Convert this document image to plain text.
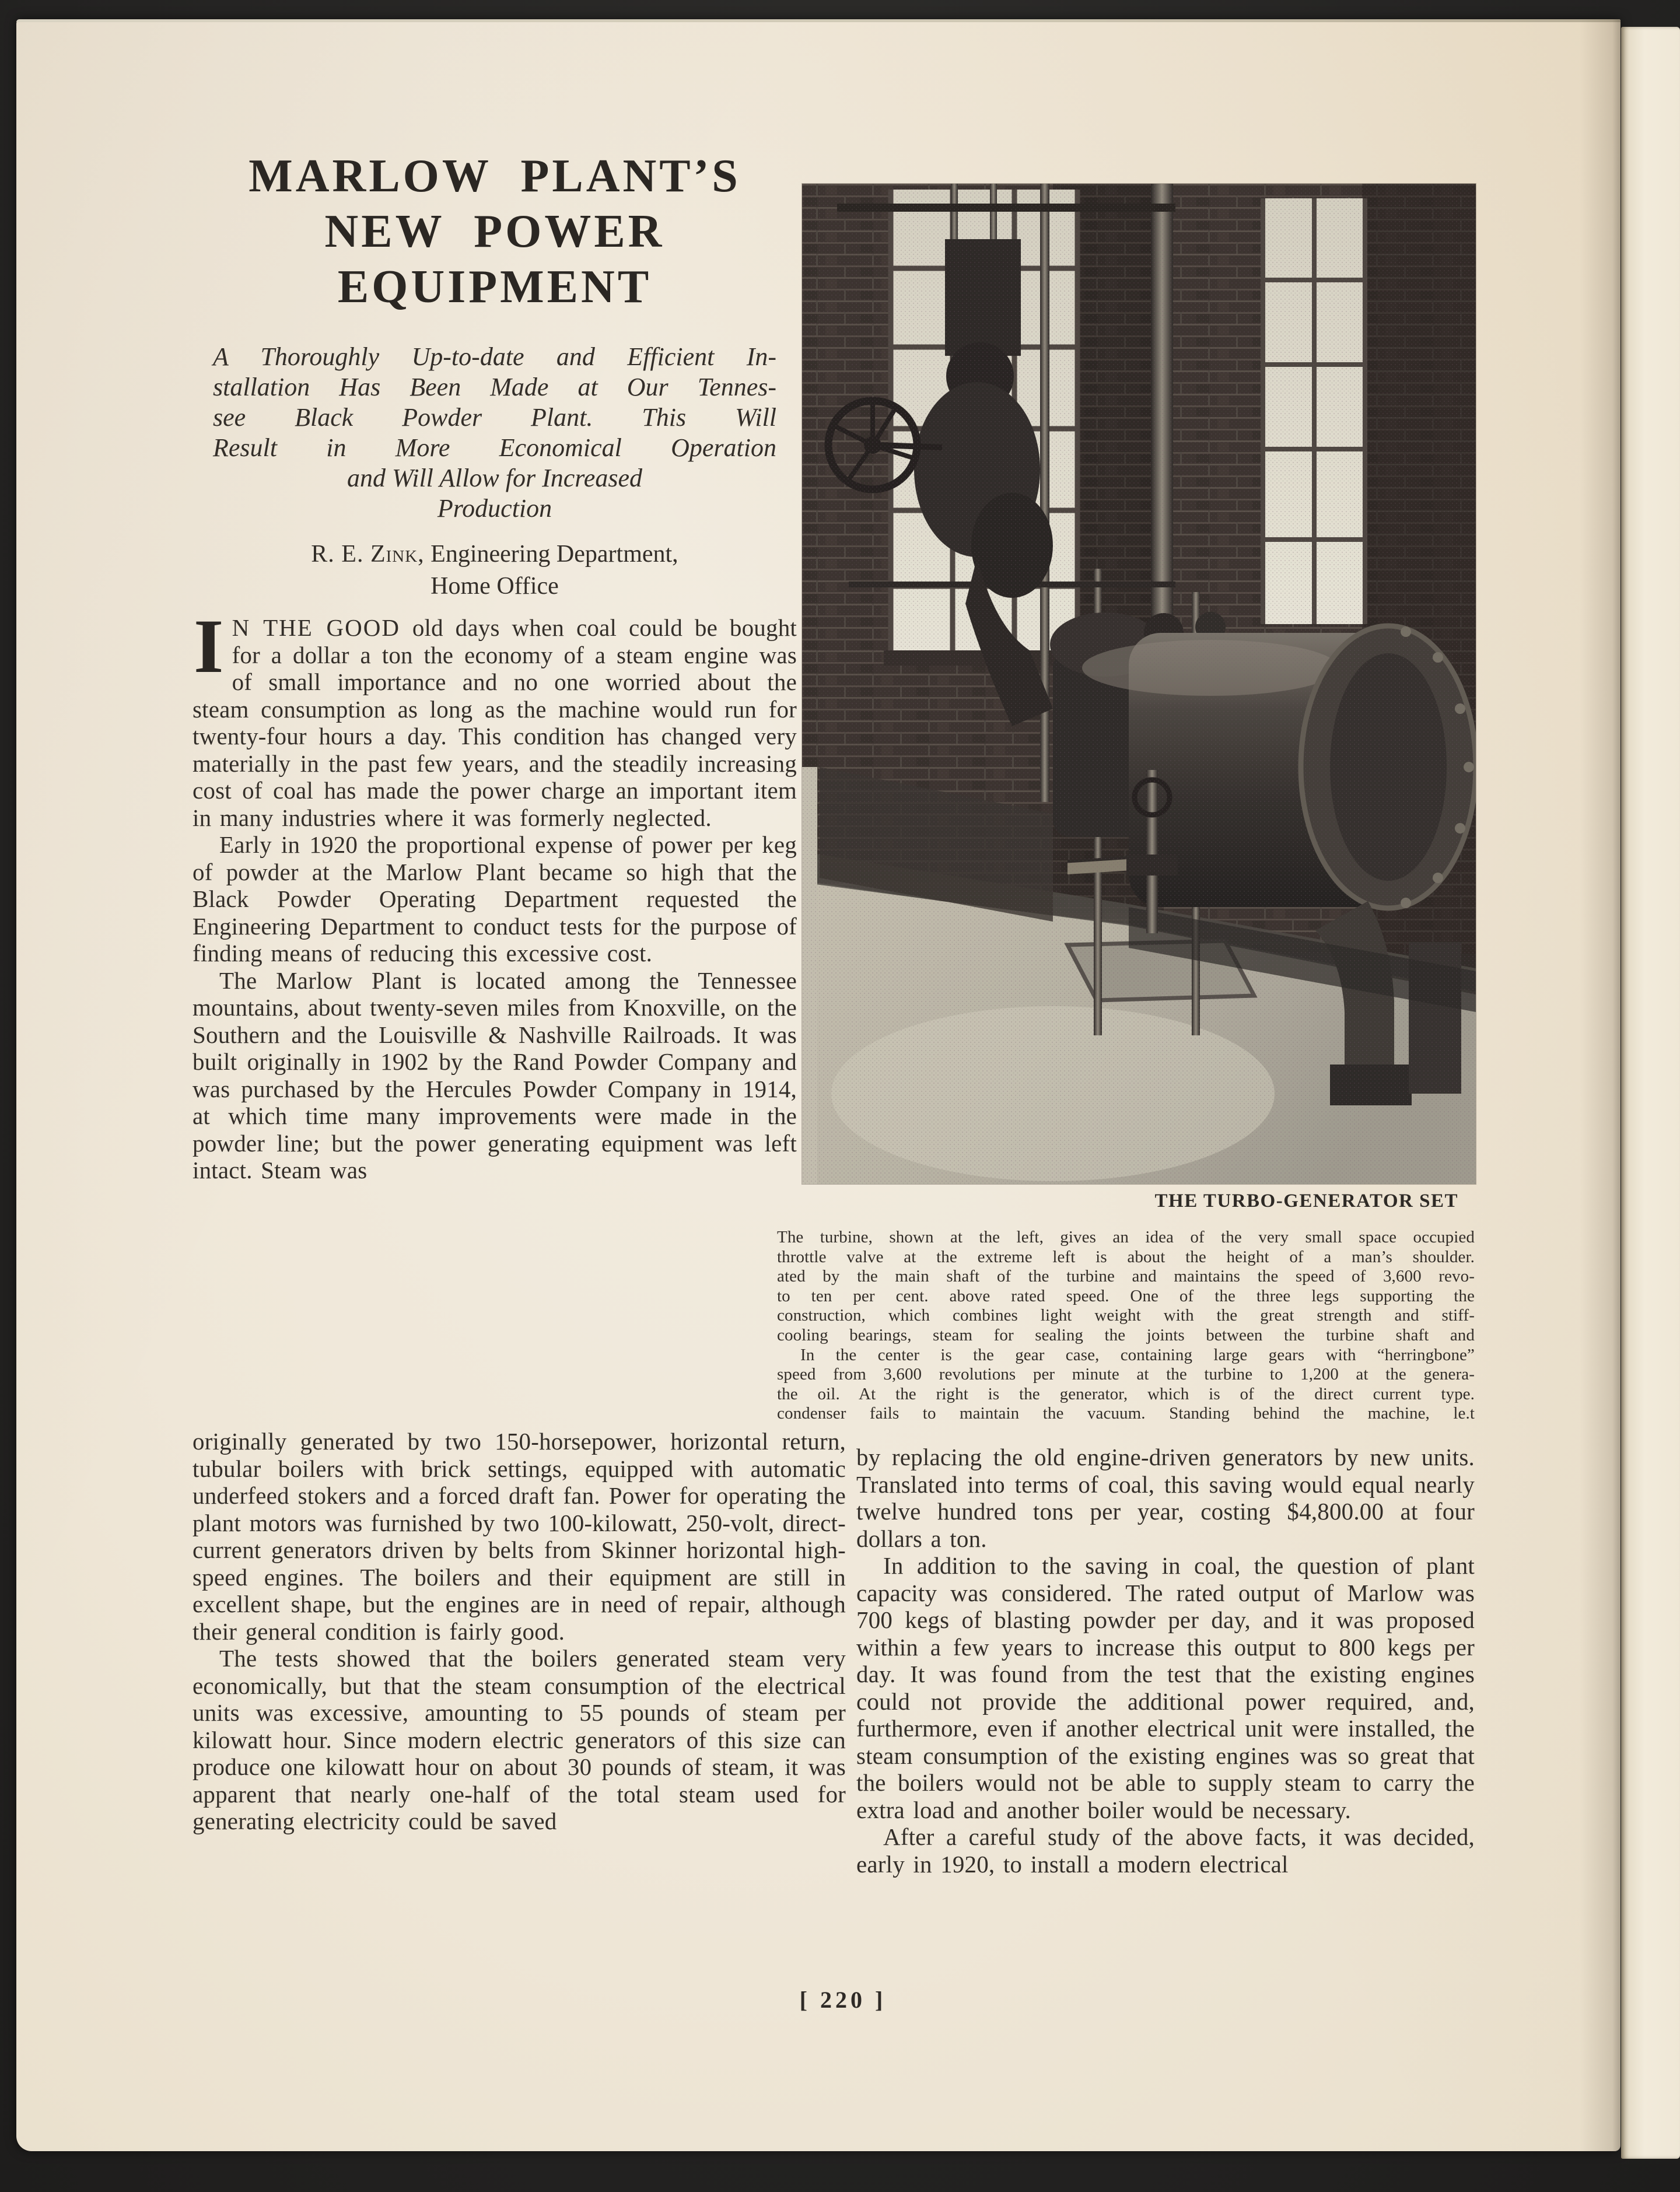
MARLOW PLANT’S
NEW POWER
EQUIPMENT
A Thoroughly Up-to-date and Efficient In-
stallation Has Been Made at Our Tennes-
see Black Powder Plant. This Will
Result in More Economical Operation
and Will Allow for Increased
Production
R. E. Zink, Engineering Department,
Home Office

I N THE GOOD old days when coal could be bought for a dollar a ton the economy of a steam engine was of small importance and no one worried about the steam consumption as long as the machine would run for twenty-four hours a day. This condition has changed very materially in the past few years, and the steadily increasing cost of coal has made the power charge an important item in many industries where it was formerly neglected.

Early in 1920 the proportional expense of power per keg of powder at the Marlow Plant became so high that the Black Powder Operating Department requested the Engineering Department to conduct tests for the purpose of finding means of reducing this excessive cost.

The Marlow Plant is located among the Tennessee mountains, about twenty-seven miles from Knoxville, on the Southern and the Louisville & Nashville Railroads. It was built originally in 1902 by the Rand Powder Company and was purchased by the Hercules Powder Company in 1914, at which time many improvements were made in the powder line; but the power generating equipment was left intact. Steam was

THE TURBO-GENERATOR SET
The turbine, shown at the left, gives an idea of the very small space occupied
throttle valve at the extreme left is about the height of a man’s shoulder.
ated by the main shaft of the turbine and maintains the speed of 3,600 revo-
to ten per cent. above rated speed. One of the three legs supporting the
construction, which combines light weight with the great strength and stiff-
cooling bearings, steam for sealing the joints between the turbine shaft and
In the center is the gear case, containing large gears with “herringbone”
speed from 3,600 revolutions per minute at the turbine to 1,200 at the genera-
the oil. At the right is the generator, which is of the direct current type.
condenser fails to maintain the vacuum. Standing behind the machine, le.t

originally generated by two 150-horsepower, horizontal return, tubular boilers with brick settings, equipped with automatic underfeed stokers and a forced draft fan. Power for operating the plant motors was furnished by two 100-kilowatt, 250-volt, direct-current generators driven by belts from Skinner horizontal high-speed engines. The boilers and their equipment are still in excellent shape, but the engines are in need of repair, although their general condition is fairly good.

The tests showed that the boilers generated steam very economically, but that the steam consumption of the electrical units was excessive, amounting to 55 pounds of steam per kilowatt hour. Since modern electric generators of this size can produce one kilowatt hour on about 30 pounds of steam, it was apparent that nearly one-half of the total steam used for generating electricity could be saved

by replacing the old engine-driven generators by new units. Translated into terms of coal, this saving would equal nearly twelve hundred tons per year, costing $4,800.00 at four dollars a ton.

In addition to the saving in coal, the question of plant capacity was considered. The rated output of Marlow was 700 kegs of blasting powder per day, and it was proposed within a few years to increase this output to 800 kegs per day. It was found from the test that the existing engines could not provide the additional power required, and, furthermore, even if another electrical unit were installed, the steam consumption of the existing engines was so great that the boilers would not be able to supply steam to carry the extra load and another boiler would be necessary.

After a careful study of the above facts, it was decided, early in 1920, to install a modern electrical

[ 220 ]
